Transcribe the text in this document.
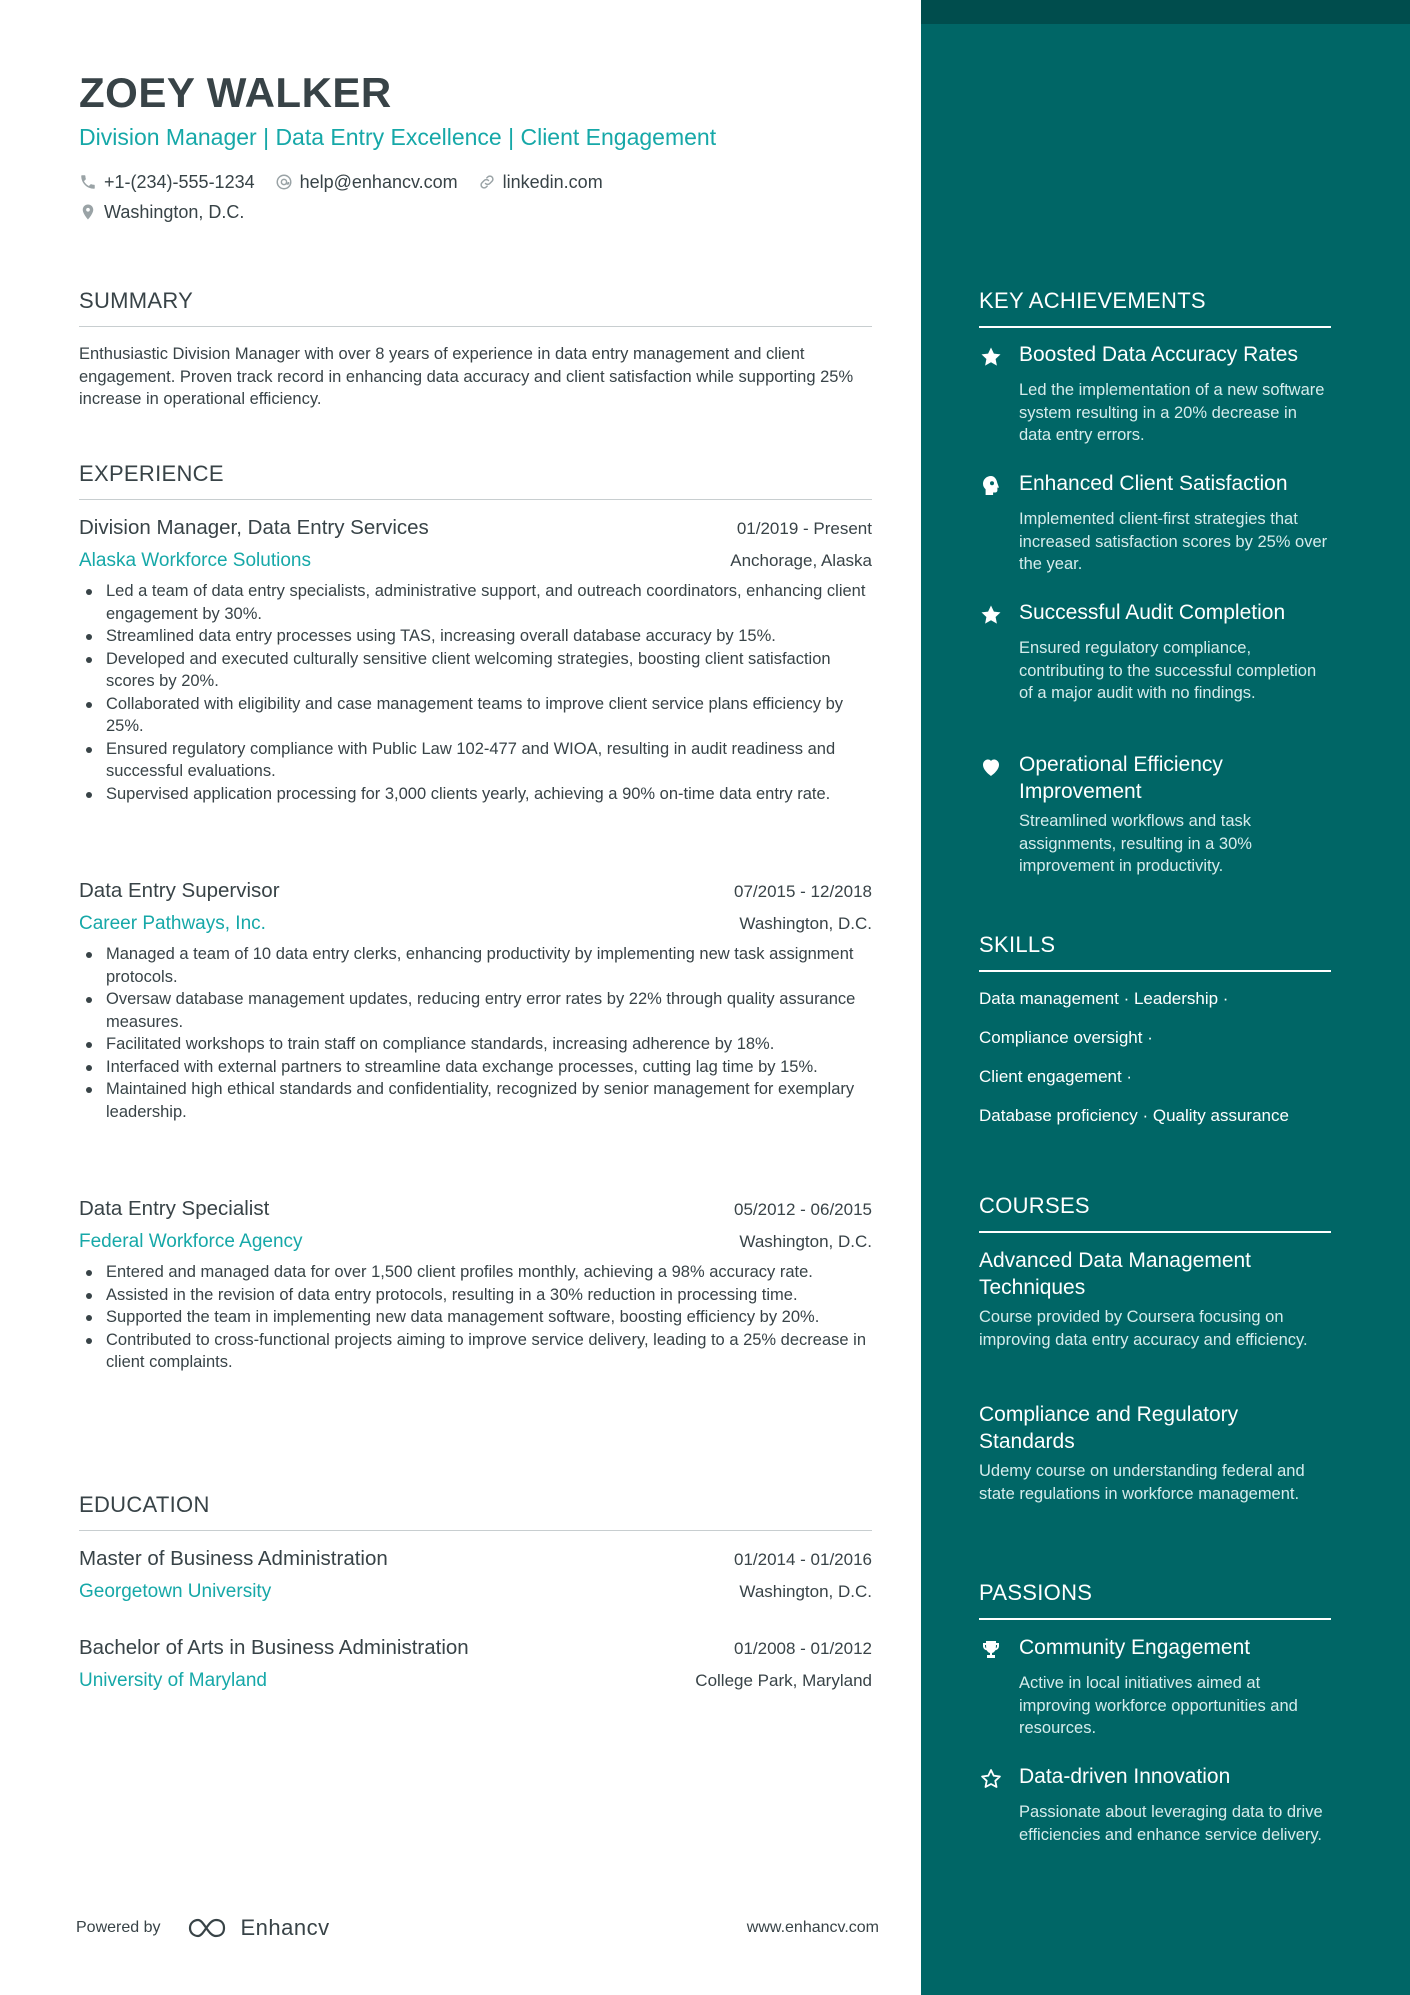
ZOEY WALKER
Division Manager | Data Entry Excellence | Client Engagement
+1-(234)-555-1234	help@enhancv.com	linkedin.com
Washington, D.C.
SUMMARY
Enthusiastic Division Manager with over 8 years of experience in data entry management and client engagement. Proven track record in enhancing data accuracy and client satisfaction while supporting 25% increase in operational efficiency.
EXPERIENCE
Division Manager, Data Entry Services	01/2019 - Present
Alaska Workforce Solutions	Anchorage, Alaska
Led a team of data entry specialists, administrative support, and outreach coordinators, enhancing client engagement by 30%.
Streamlined data entry processes using TAS, increasing overall database accuracy by 15%.
Developed and executed culturally sensitive client welcoming strategies, boosting client satisfaction scores by 20%.
Collaborated with eligibility and case management teams to improve client service plans efficiency by 25%.
Ensured regulatory compliance with Public Law 102-477 and WIOA, resulting in audit readiness and successful evaluations.
Supervised application processing for 3,000 clients yearly, achieving a 90% on-time data entry rate.
Data Entry Supervisor	07/2015 - 12/2018
Career Pathways, Inc.	Washington, D.C.
Managed a team of 10 data entry clerks, enhancing productivity by implementing new task assignment protocols.
Oversaw database management updates, reducing entry error rates by 22% through quality assurance measures.
Facilitated workshops to train staff on compliance standards, increasing adherence by 18%.
Interfaced with external partners to streamline data exchange processes, cutting lag time by 15%.
Maintained high ethical standards and confidentiality, recognized by senior management for exemplary leadership.
Data Entry Specialist	05/2012 - 06/2015
Federal Workforce Agency	Washington, D.C.
Entered and managed data for over 1,500 client profiles monthly, achieving a 98% accuracy rate.
Assisted in the revision of data entry protocols, resulting in a 30% reduction in processing time.
Supported the team in implementing new data management software, boosting efficiency by 20%.
Contributed to cross-functional projects aiming to improve service delivery, leading to a 25% decrease in client complaints.
EDUCATION
Master of Business Administration	01/2014 - 01/2016
Georgetown University	Washington, D.C.
Bachelor of Arts in Business Administration	01/2008 - 01/2012
University of Maryland	College Park, Maryland
Powered by	Enhancv	www.enhancv.com
KEY ACHIEVEMENTS
Boosted Data Accuracy Rates
Led the implementation of a new software system resulting in a 20% decrease in data entry errors.
Enhanced Client Satisfaction
Implemented client-first strategies that increased satisfaction scores by 25% over the year.
Successful Audit Completion
Ensured regulatory compliance, contributing to the successful completion of a major audit with no findings.
Operational Efficiency Improvement
Streamlined workflows and task assignments, resulting in a 30% improvement in productivity.
SKILLS
Data management · Leadership ·
Compliance oversight ·
Client engagement ·
Database proficiency · Quality assurance
COURSES
Advanced Data Management Techniques
Course provided by Coursera focusing on improving data entry accuracy and efficiency.
Compliance and Regulatory Standards
Udemy course on understanding federal and state regulations in workforce management.
PASSIONS
Community Engagement
Active in local initiatives aimed at improving workforce opportunities and resources.
Data-driven Innovation
Passionate about leveraging data to drive efficiencies and enhance service delivery.
